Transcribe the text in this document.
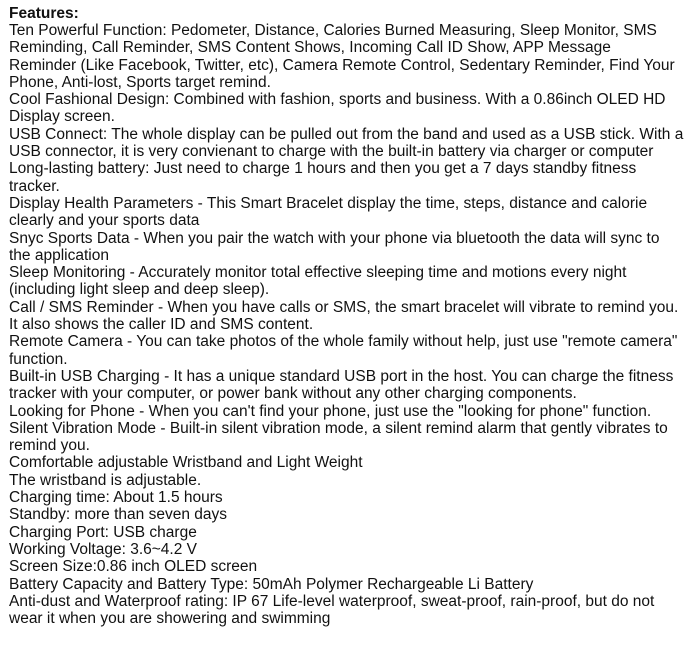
Features:

Ten Powerful Function: Pedometer, Distance, Calories Burned Measuring, Sleep Monitor, SMS

Reminding, Call Reminder, SMS Content Shows, Incoming Call ID Show, APP Message

Reminder (Like Facebook, Twitter, etc), Camera Remote Control, Sedentary Reminder, Find Your

Phone, Anti-lost, Sports target remind.

Cool Fashional Design: Combined with fashion, sports and business. With a 0.86inch OLED HD

Display screen.

USB Connect: The whole display can be pulled out from the band and used as a USB stick. With a

USB connector, it is very convienant to charge with the built-in battery via charger or computer

Long-lasting battery: Just need to charge 1 hours and then you get a 7 days standby fitness

tracker.

Display Health Parameters - This Smart Bracelet display the time, steps, distance and calorie

clearly and your sports data

Snyc Sports Data - When you pair the watch with your phone via bluetooth the data will sync to

the application

Sleep Monitoring - Accurately monitor total effective sleeping time and motions every night

(including light sleep and deep sleep).

Call / SMS Reminder - When you have calls or SMS, the smart bracelet will vibrate to remind you.

It also shows the caller ID and SMS content.

Remote Camera - You can take photos of the whole family without help, just use "remote camera"

function.

Built-in USB Charging - It has a unique standard USB port in the host. You can charge the fitness

tracker with your computer, or power bank without any other charging components.

Looking for Phone - When you can't find your phone, just use the "looking for phone" function.

Silent Vibration Mode - Built-in silent vibration mode, a silent remind alarm that gently vibrates to

remind you.

Comfortable adjustable Wristband and Light Weight

The wristband is adjustable.

Charging time: About 1.5 hours

Standby: more than seven days

Charging Port: USB charge

Working Voltage: 3.6~4.2 V

Screen Size:0.86 inch OLED screen

Battery Capacity and Battery Type: 50mAh Polymer Rechargeable Li Battery

Anti-dust and Waterproof rating: IP 67 Life-level waterproof, sweat-proof, rain-proof, but do not

wear it when you are showering and swimming
